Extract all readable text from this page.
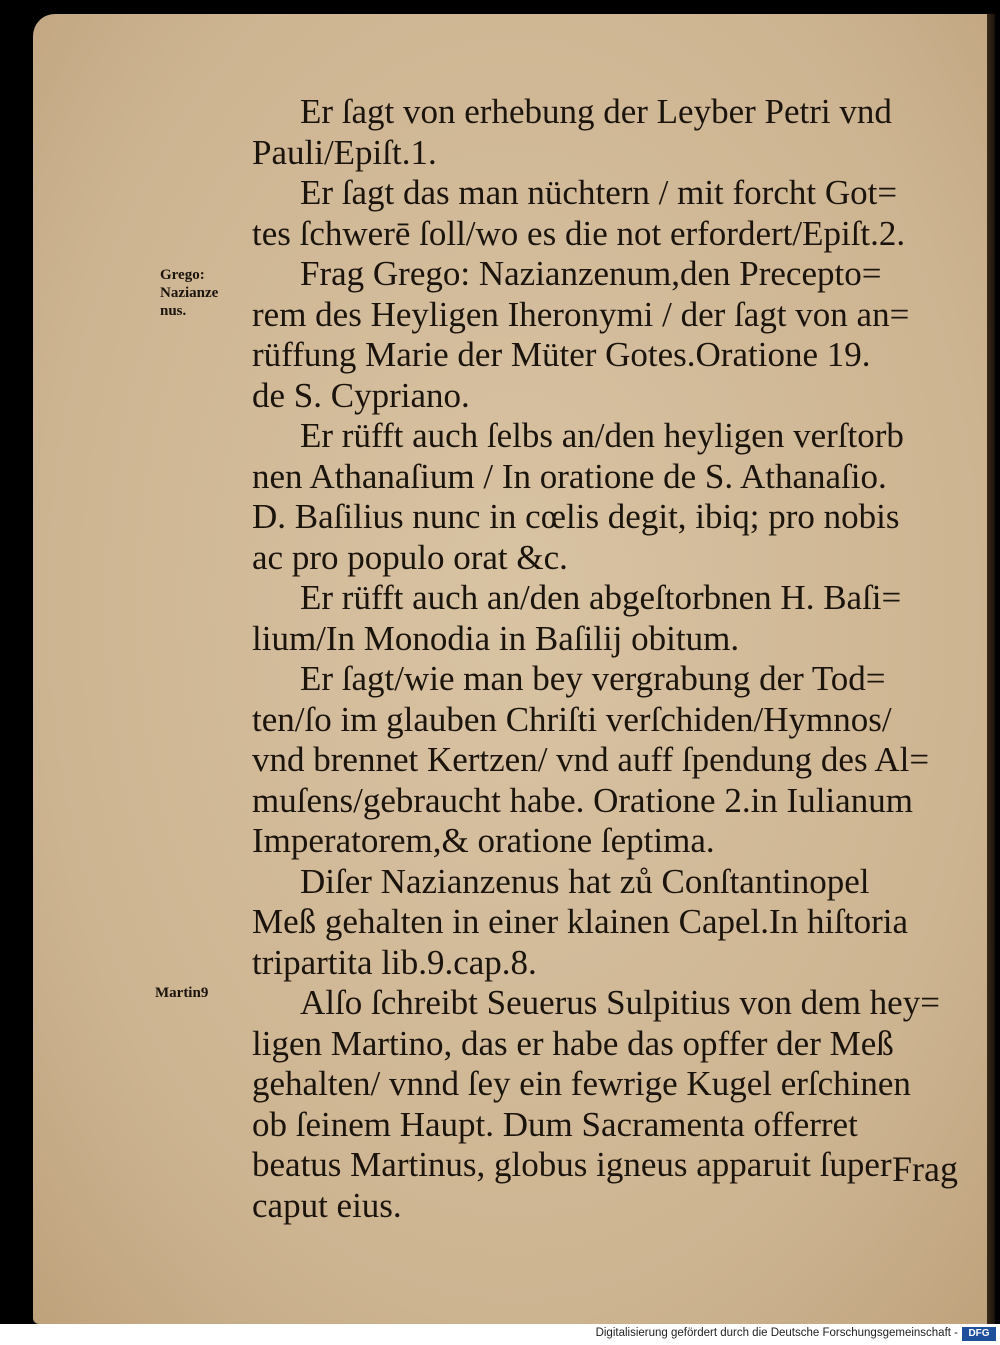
Grego:
Nazianze
nus.
Martin9
Er ſagt von erhebung der Leyber Petri vnd
Pauli/Epiſt.1.
Er ſagt das man nüchtern / mit forcht Got=
tes ſchwerē ſoll/wo es die not erfordert/Epiſt.2.
Frag Grego: Nazianzenum,den Precepto=
rem des Heyligen Iheronymi / der ſagt von an=
rüffung Marie der Müter Gotes.Oratione 19.
de S. Cypriano.
Er rüfft auch ſelbs an/den heyligen verſtorb
nen Athanaſium / In oratione de S. Athanaſio.
D. Baſilius nunc in cœlis degit, ibiq; pro nobis
ac pro populo orat &c.
Er rüfft auch an/den abgeſtorbnen H. Baſi=
lium/In Monodia in Baſilij obitum.
Er ſagt/wie man bey vergrabung der Tod=
ten/ſo im glauben Chriſti verſchiden/Hymnos/
vnd brennet Kertzen/ vnd auff ſpendung des Al=
muſens/gebraucht habe. Oratione 2.in Iulianum
Imperatorem,& oratione ſeptima.
Diſer Nazianzenus hat zů Conſtantinopel
Meß gehalten in einer klainen Capel.In hiſtoria
tripartita lib.9.cap.8.
Alſo ſchreibt Seuerus Sulpitius von dem hey=
ligen Martino, das er habe das opffer der Meß
gehalten/ vnnd ſey ein fewrige Kugel erſchinen
ob ſeinem Haupt. Dum Sacramenta offerret
beatus Martinus, globus igneus apparuit ſuper
caput eius.
Frag
Digitalisierung gefördert durch die Deutsche Forschungsgemeinschaft -	DFG
